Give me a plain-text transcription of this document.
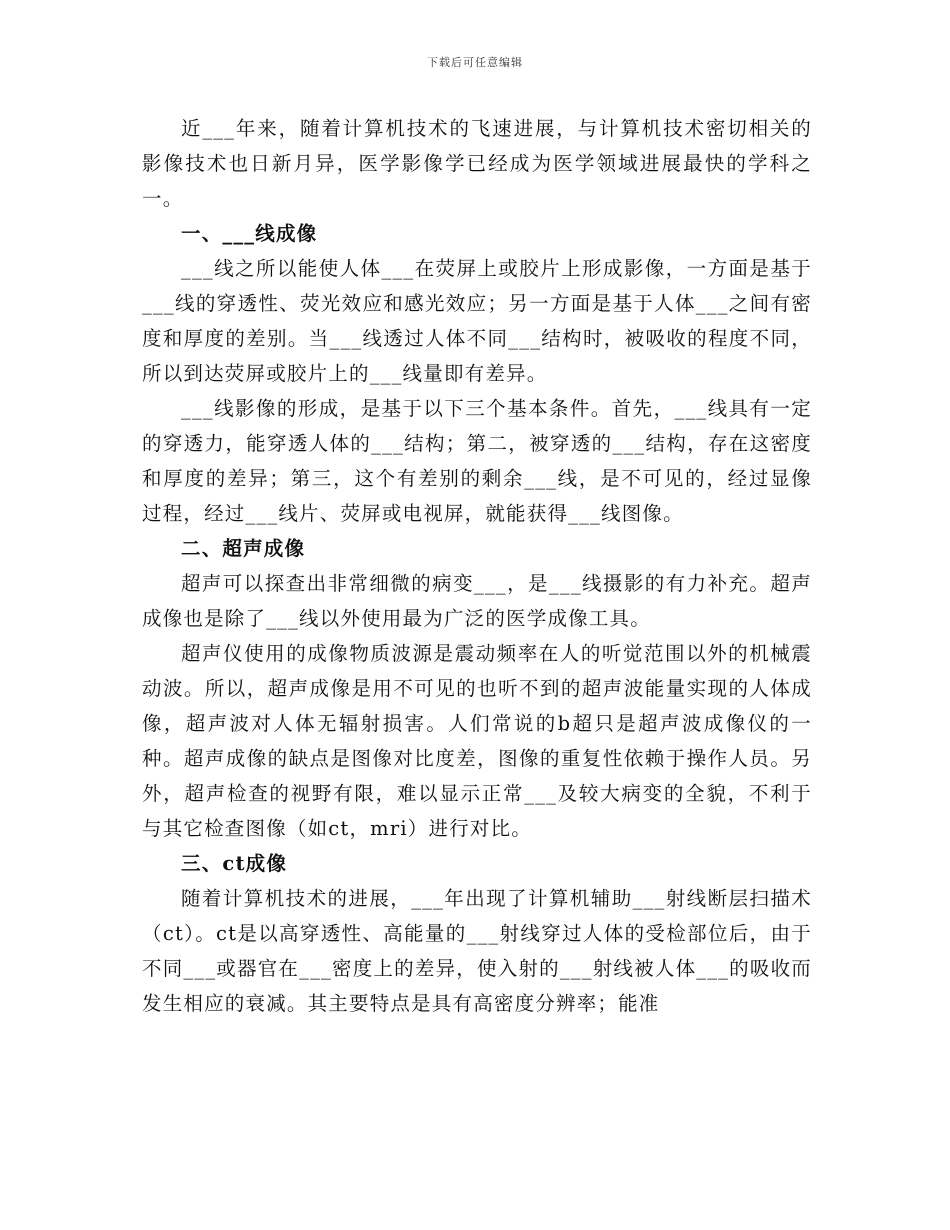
下载后可任意编辑

近___年来，随着计算机技术的飞速进展，与计算机技术密切相关的影像技术也日新月异，医学影像学已经成为医学领域进展最快的学科之一。

一、___线成像

___线之所以能使人体___在荧屏上或胶片上形成影像，一方面是基于___线的穿透性、荧光效应和感光效应；另一方面是基于人体___之间有密度和厚度的差别。当___线透过人体不同___结构时，被吸收的程度不同，所以到达荧屏或胶片上的___线量即有差异。

___线影像的形成，是基于以下三个基本条件。首先，___线具有一定的穿透力，能穿透人体的___结构；第二，被穿透的___结构，存在这密度和厚度的差异；第三，这个有差别的剩余___线，是不可见的，经过显像过程，经过___线片、荧屏或电视屏，就能获得___线图像。

二、超声成像

超声可以探查出非常细微的病变___，是___线摄影的有力补充。超声成像也是除了___线以外使用最为广泛的医学成像工具。

超声仪使用的成像物质波源是震动频率在人的听觉范围以外的机械震动波。所以，超声成像是用不可见的也听不到的超声波能量实现的人体成像，超声波对人体无辐射损害。人们常说的b超只是超声波成像仪的一种。超声成像的缺点是图像对比度差，图像的重复性依赖于操作人员。另外，超声检查的视野有限，难以显示正常___及较大病变的全貌，不利于与其它检查图像（如ct，mri）进行对比。

三、ct成像

随着计算机技术的进展，___年出现了计算机辅助___射线断层扫描术（ct）。ct是以高穿透性、高能量的___射线穿过人体的受检部位后，由于不同___或器官在___密度上的差异，使入射的___射线被人体___的吸收而发生相应的衰减。其主要特点是具有高密度分辨率；能准
